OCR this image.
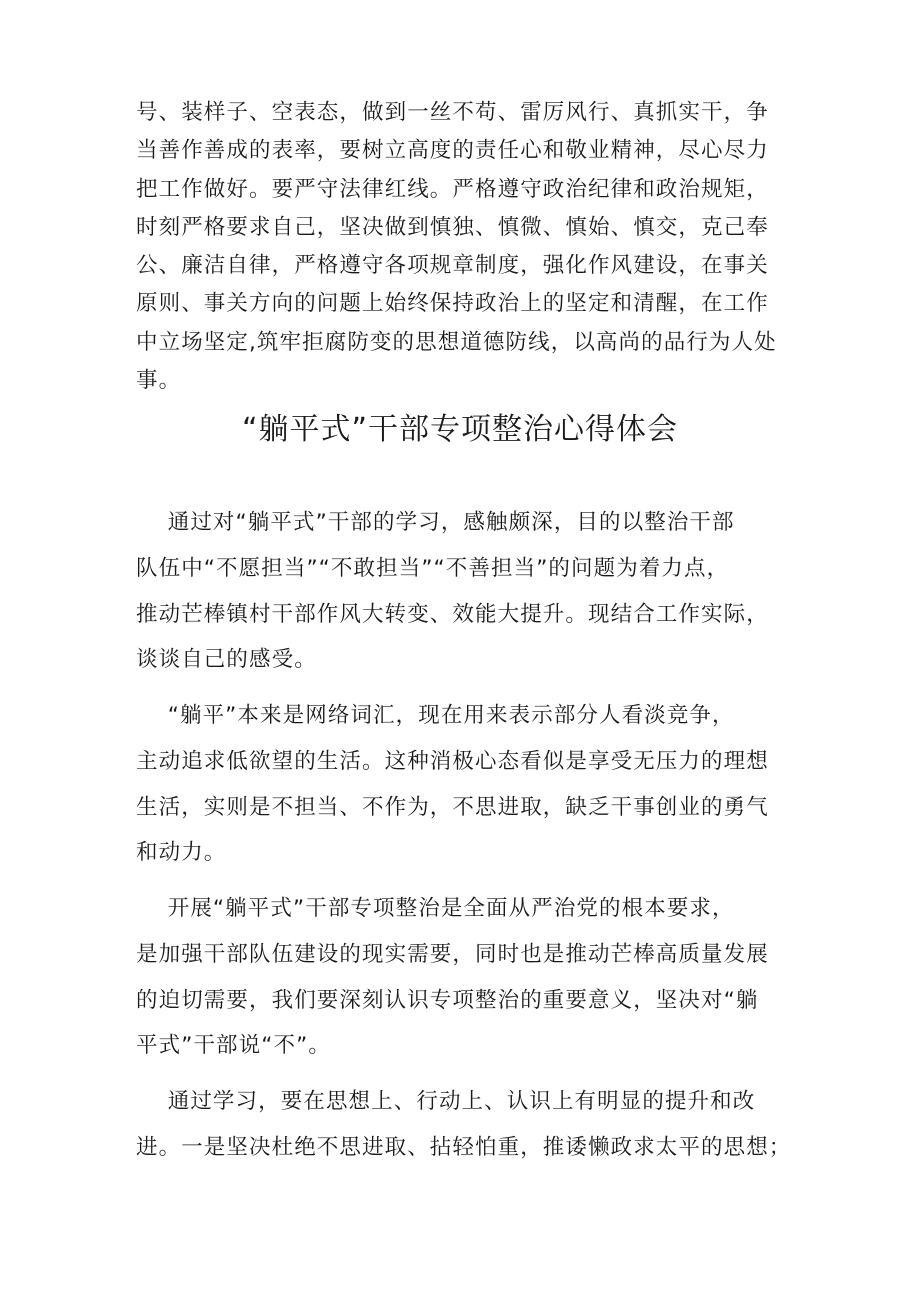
号、装样子、空表态，做到一丝不苟、雷厉风行、真抓实干，争
当善作善成的表率，要树立高度的责任心和敬业精神，尽心尽力
把工作做好。要严守法律红线。严格遵守政治纪律和政治规矩，
时刻严格要求自己，坚决做到慎独、慎微、慎始、慎交，克己奉
公、廉洁自律，严格遵守各项规章制度，强化作风建设，在事关
原则、事关方向的问题上始终保持政治上的坚定和清醒，在工作
中立场坚定,筑牢拒腐防变的思想道德防线，以高尚的品行为人处
事。
“躺平式”干部专项整治心得体会
通过对“躺平式”干部的学习，感触颇深，目的以整治干部
队伍中“不愿担当”“不敢担当”“不善担当”的问题为着力点，
推动芒棒镇村干部作风大转变、效能大提升。现结合工作实际，
谈谈自己的感受。
“躺平”本来是网络词汇，现在用来表示部分人看淡竞争，
主动追求低欲望的生活。这种消极心态看似是享受无压力的理想
生活，实则是不担当、不作为，不思进取，缺乏干事创业的勇气
和动力。
开展“躺平式”干部专项整治是全面从严治党的根本要求，
是加强干部队伍建设的现实需要，同时也是推动芒棒高质量发展
的迫切需要，我们要深刻认识专项整治的重要意义，坚决对“躺
平式”干部说“不”。
通过学习，要在思想上、行动上、认识上有明显的提升和改
进。一是坚决杜绝不思进取、拈轻怕重，推诿懒政求太平的思想；
